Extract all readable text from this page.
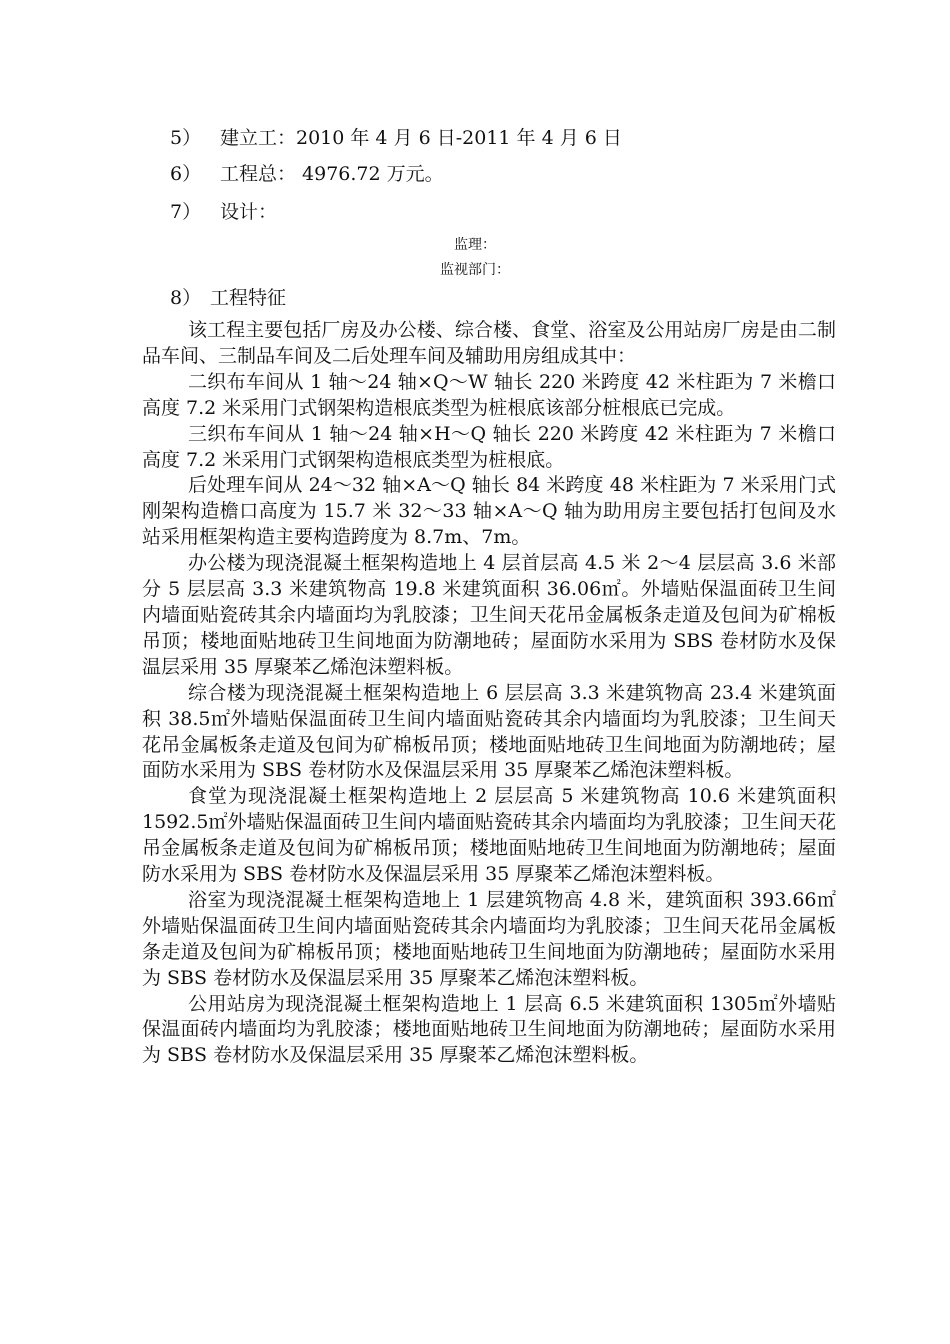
5） 建立工：2010 年 4 月 6 日-2011 年 4 月 6 日
6） 工程总： 4976.72 万元。
7） 设计：
监理：
监视部门：
8） 工程特征

该工程主要包括厂房及办公楼、综合楼、食堂、浴室及公用站房厂房是由二制品车间、三制品车间及二后处理车间及辅助用房组成其中：

二织布车间从 1 轴～24 轴×Q～W 轴长 220 米跨度 42 米柱距为 7 米檐口高度 7.2 米采用门式钢架构造根底类型为桩根底该部分桩根底已完成。

三织布车间从 1 轴～24 轴×H～Q 轴长 220 米跨度 42 米柱距为 7 米檐口高度 7.2 米采用门式钢架构造根底类型为桩根底。

后处理车间从 24～32 轴×A～Q 轴长 84 米跨度 48 米柱距为 7 米采用门式刚架构造檐口高度为 15.7 米 32～33 轴×A～Q 轴为助用房主要包括打包间及水站采用框架构造主要构造跨度为 8.7m、7m。

办公楼为现浇混凝土框架构造地上 4 层首层高 4.5 米 2～4 层层高 3.6 米部分 5 层层高 3.3 米建筑物高 19.8 米建筑面积 36.06㎡。外墙贴保温面砖卫生间内墙面贴瓷砖其余内墙面均为乳胶漆；卫生间天花吊金属板条走道及包间为矿棉板吊顶；楼地面贴地砖卫生间地面为防潮地砖；屋面防水采用为 SBS 卷材防水及保温层采用 35 厚聚苯乙烯泡沫塑料板。

综合楼为现浇混凝土框架构造地上 6 层层高 3.3 米建筑物高 23.4 米建筑面积 38.5㎡外墙贴保温面砖卫生间内墙面贴瓷砖其余内墙面均为乳胶漆；卫生间天花吊金属板条走道及包间为矿棉板吊顶；楼地面贴地砖卫生间地面为防潮地砖；屋面防水采用为 SBS 卷材防水及保温层采用 35 厚聚苯乙烯泡沫塑料板。

食堂为现浇混凝土框架构造地上 2 层层高 5 米建筑物高 10.6 米建筑面积 1592.5㎡外墙贴保温面砖卫生间内墙面贴瓷砖其余内墙面均为乳胶漆；卫生间天花吊金属板条走道及包间为矿棉板吊顶；楼地面贴地砖卫生间地面为防潮地砖；屋面防水采用为 SBS 卷材防水及保温层采用 35 厚聚苯乙烯泡沫塑料板。

浴室为现浇混凝土框架构造地上 1 层建筑物高 4.8 米，建筑面积 393.66㎡外墙贴保温面砖卫生间内墙面贴瓷砖其余内墙面均为乳胶漆；卫生间天花吊金属板条走道及包间为矿棉板吊顶；楼地面贴地砖卫生间地面为防潮地砖；屋面防水采用为 SBS 卷材防水及保温层采用 35 厚聚苯乙烯泡沫塑料板。

公用站房为现浇混凝土框架构造地上 1 层高 6.5 米建筑面积 1305㎡外墙贴保温面砖内墙面均为乳胶漆；楼地面贴地砖卫生间地面为防潮地砖；屋面防水采用为 SBS 卷材防水及保温层采用 35 厚聚苯乙烯泡沫塑料板。
